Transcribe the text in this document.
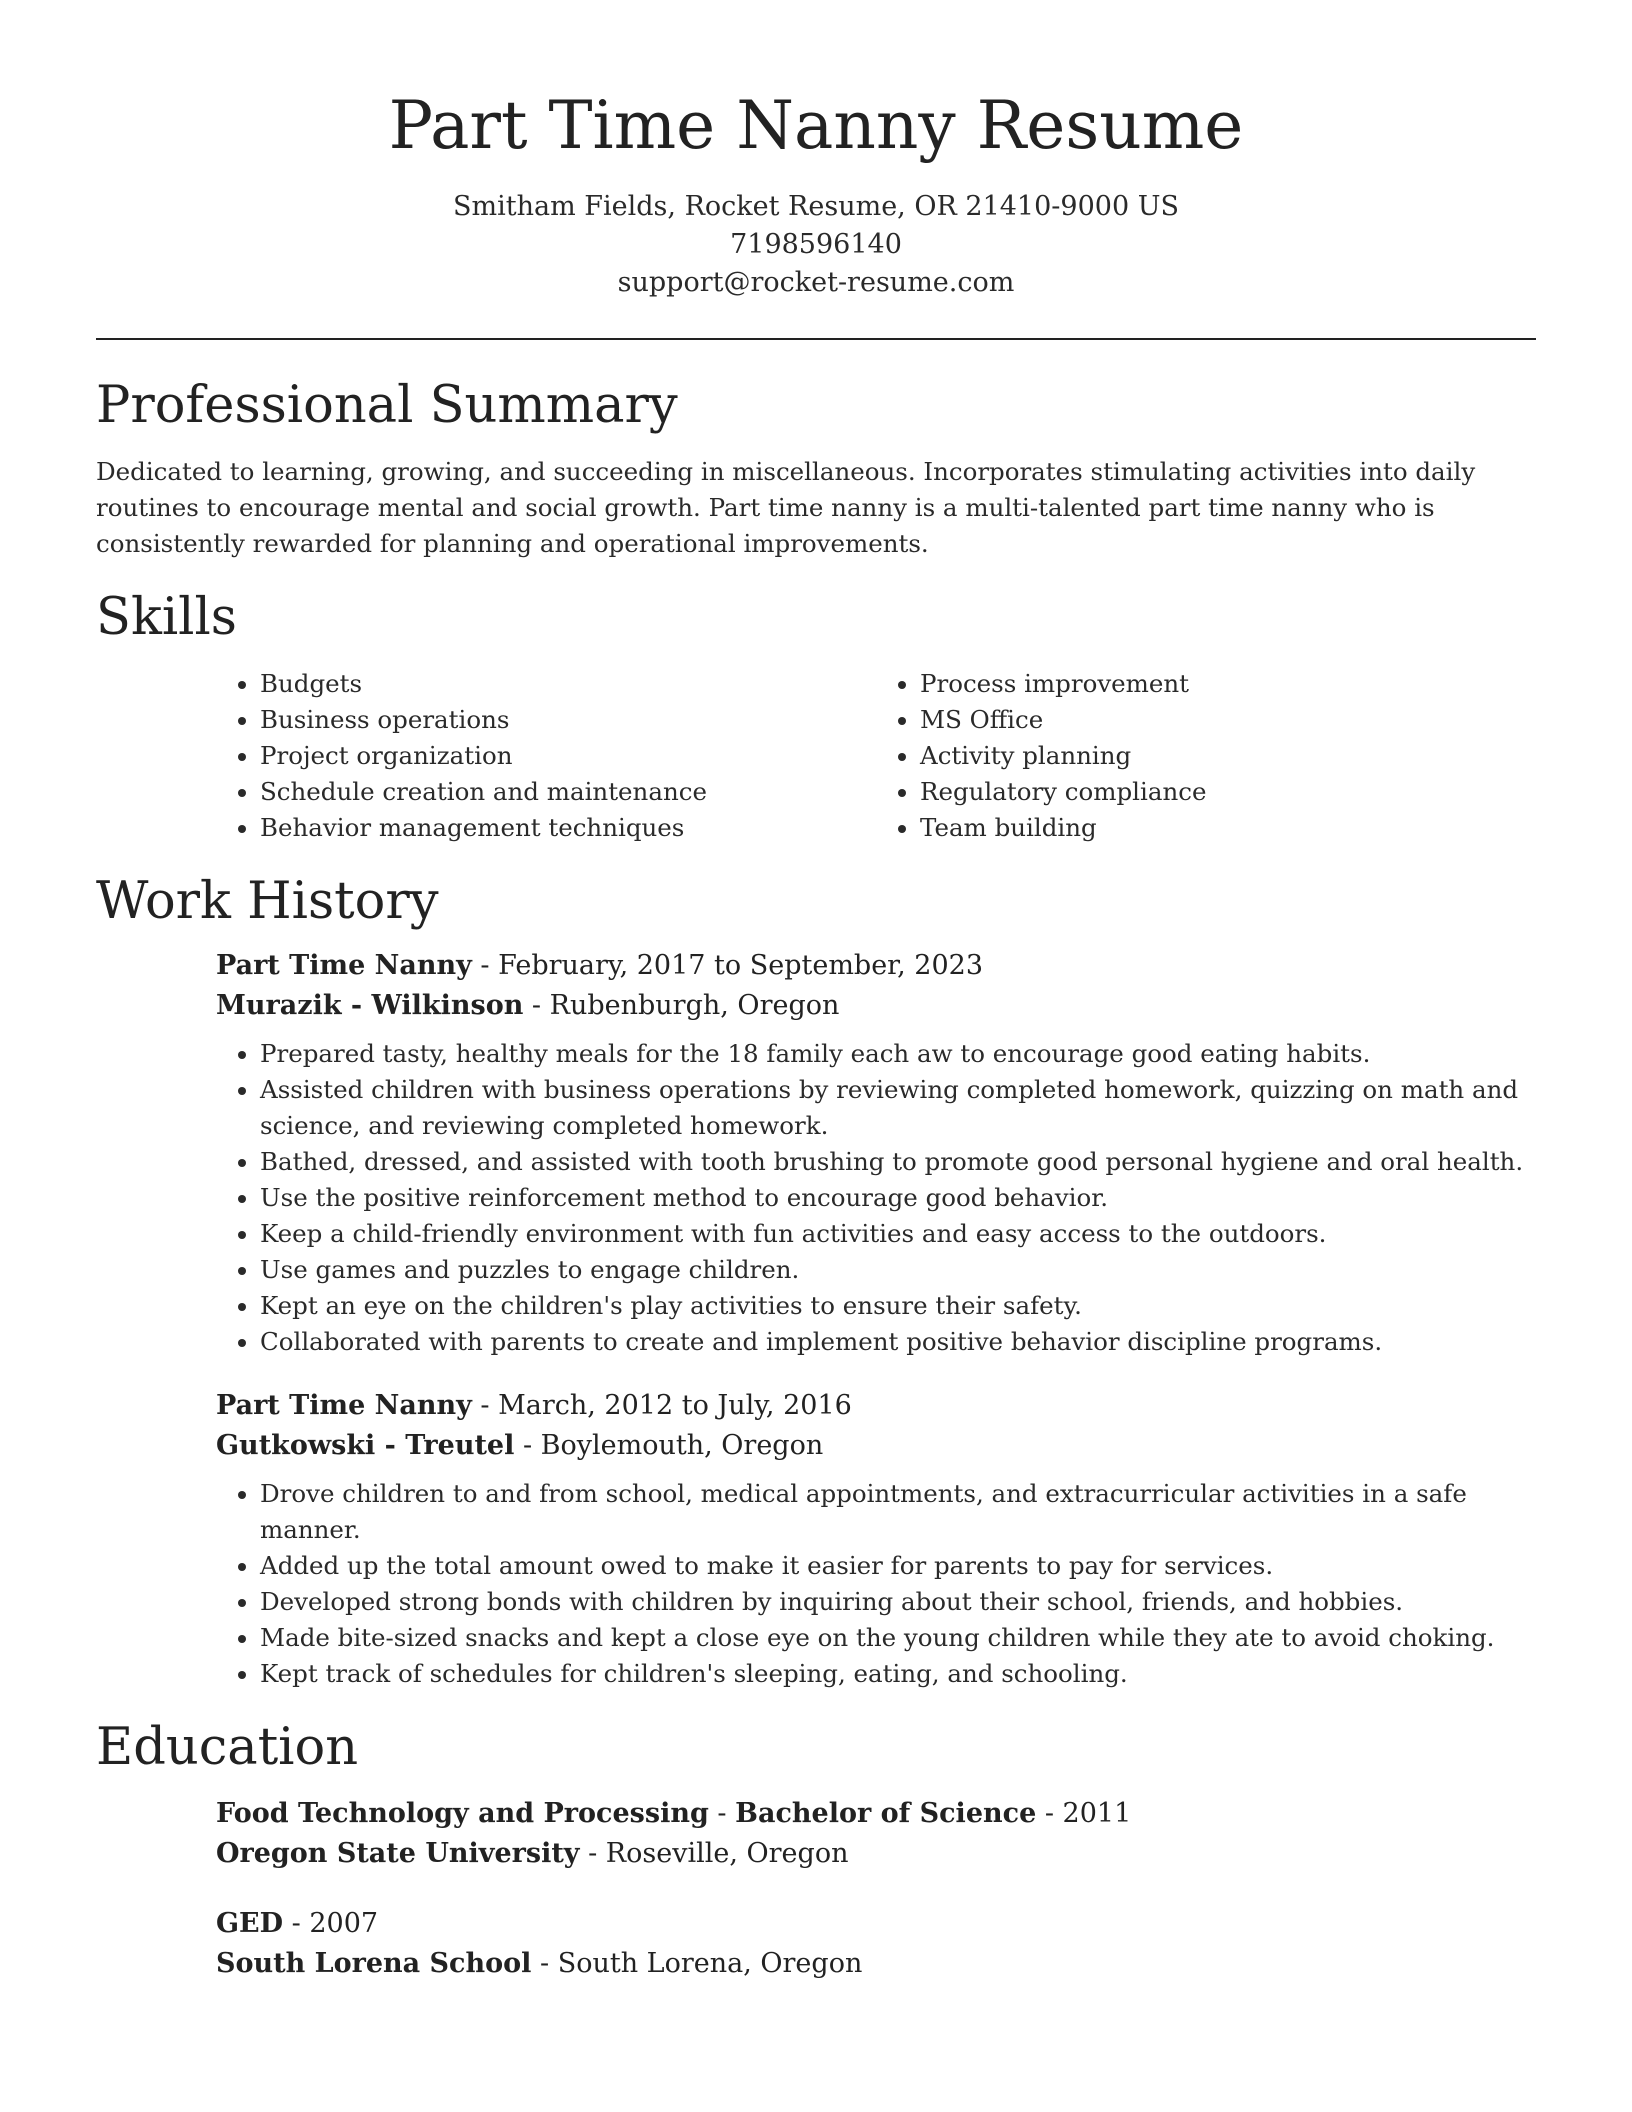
Part Time Nanny Resume
Smitham Fields, Rocket Resume, OR 21410-9000 US
7198596140
support@rocket-resume.com
Professional Summary

Dedicated to learning, growing, and succeeding in miscellaneous. Incorporates stimulating activities into daily routines to encourage mental and social growth. Part time nanny is a multi-talented part time nanny who is consistently rewarded for planning and operational improvements.

Skills
• Budgets
• Business operations
• Project organization
• Schedule creation and maintenance
• Behavior management techniques
• Process improvement
• MS Office
• Activity planning
• Regulatory compliance
• Team building
Work History
Part Time Nanny - February, 2017 to September, 2023
Murazik - Wilkinson - Rubenburgh, Oregon
• Prepared tasty, healthy meals for the 18 family each aw to encourage good eating habits.
• Assisted children with business operations by reviewing completed homework, quizzing on math and science, and reviewing completed homework.
• Bathed, dressed, and assisted with tooth brushing to promote good personal hygiene and oral health.
• Use the positive reinforcement method to encourage good behavior.
• Keep a child-friendly environment with fun activities and easy access to the outdoors.
• Use games and puzzles to engage children.
• Kept an eye on the children's play activities to ensure their safety.
• Collaborated with parents to create and implement positive behavior discipline programs.
Part Time Nanny - March, 2012 to July, 2016
Gutkowski - Treutel - Boylemouth, Oregon
• Drove children to and from school, medical appointments, and extracurricular activities in a safe manner.
• Added up the total amount owed to make it easier for parents to pay for services.
• Developed strong bonds with children by inquiring about their school, friends, and hobbies.
• Made bite-sized snacks and kept a close eye on the young children while they ate to avoid choking.
• Kept track of schedules for children's sleeping, eating, and schooling.
Education
Food Technology and Processing - Bachelor of Science - 2011
Oregon State University - Roseville, Oregon
GED - 2007
South Lorena School - South Lorena, Oregon
